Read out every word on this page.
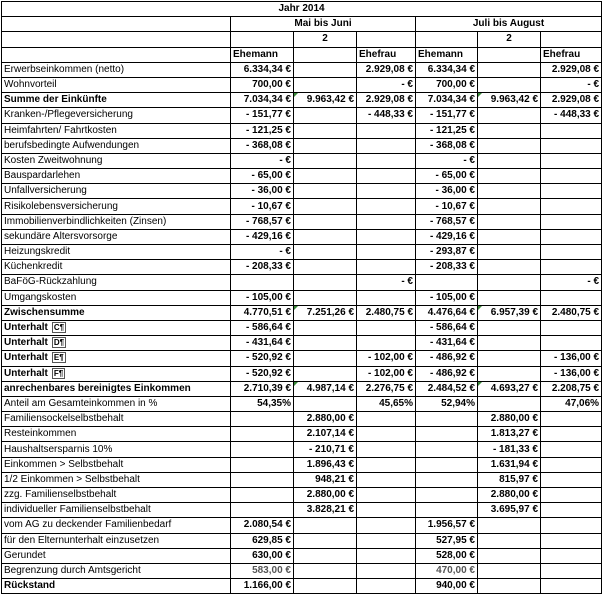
Jahr 2014						
	Mai bis Juni			Juli bis August		
		2			2	
	Ehemann		Ehefrau	Ehemann		Ehefrau
Erwerbseinkommen (netto)	6.334,34 €		2.929,08 €	6.334,34 €		2.929,08 €
Wohnvorteil	700,00 €		- €	700,00 €		- €
Summe der Einkünfte	7.034,34 €	9.963,42 €	2.929,08 €	7.034,34 €	9.963,42 €	2.929,08 €
Kranken-/Pflegeversicherung	- 151,77 €		- 448,33 €	- 151,77 €		- 448,33 €
Heimfahrten/ Fahrtkosten	- 121,25 €			- 121,25 €		
berufsbedingte Aufwendungen	- 368,08 €			- 368,08 €		
Kosten Zweitwohnung	- €			- €		
Bauspardarlehen	- 65,00 €			- 65,00 €		
Unfallversicherung	- 36,00 €			- 36,00 €		
Risikolebensversicherung	- 10,67 €			- 10,67 €		
Immobilienverbindlichkeiten (Zinsen)	- 768,57 €			- 768,57 €		
sekundäre Altersvorsorge	- 429,16 €			- 429,16 €		
Heizungskredit	- €			- 293,87 €		
Küchenkredit	- 208,33 €			- 208,33 €		
BaFöG-Rückzahlung			- €			- €
Umgangskosten	- 105,00 €			- 105,00 €		
Zwischensumme	4.770,51 €	7.251,26 €	2.480,75 €	4.476,64 €	6.957,39 €	2.480,75 €
Unterhalt C¶	- 586,64 €			- 586,64 €		
Unterhalt D¶	- 431,64 €			- 431,64 €		
Unterhalt E¶	- 520,92 €		- 102,00 €	- 486,92 €		- 136,00 €
Unterhalt F¶	- 520,92 €		- 102,00 €	- 486,92 €		- 136,00 €
anrechenbares bereinigtes Einkommen	2.710,39 €	4.987,14 €	2.276,75 €	2.484,52 €	4.693,27 €	2.208,75 €
Anteil am Gesamteinkommen in %	54,35%		45,65%	52,94%		47,06%
Familiensockelselbstbehalt		2.880,00 €			2.880,00 €	
Resteinkommen		2.107,14 €			1.813,27 €	
Haushaltsersparnis 10%		- 210,71 €			- 181,33 €	
Einkommen > Selbstbehalt		1.896,43 €			1.631,94 €	
1/2 Einkommen > Selbstbehalt		948,21 €			815,97 €	
zzg. Familienselbstbehalt		2.880,00 €			2.880,00 €	
individueller Familienselbstbehalt		3.828,21 €			3.695,97 €	
vom AG zu deckender Familienbedarf	2.080,54 €			1.956,57 €		
für den Elternunterhalt einzusetzen	629,85 €			527,95 €		
Gerundet	630,00 €			528,00 €		
Begrenzung durch Amtsgericht	583,00 €			470,00 €		
Rückstand	1.166,00 €			940,00 €		
